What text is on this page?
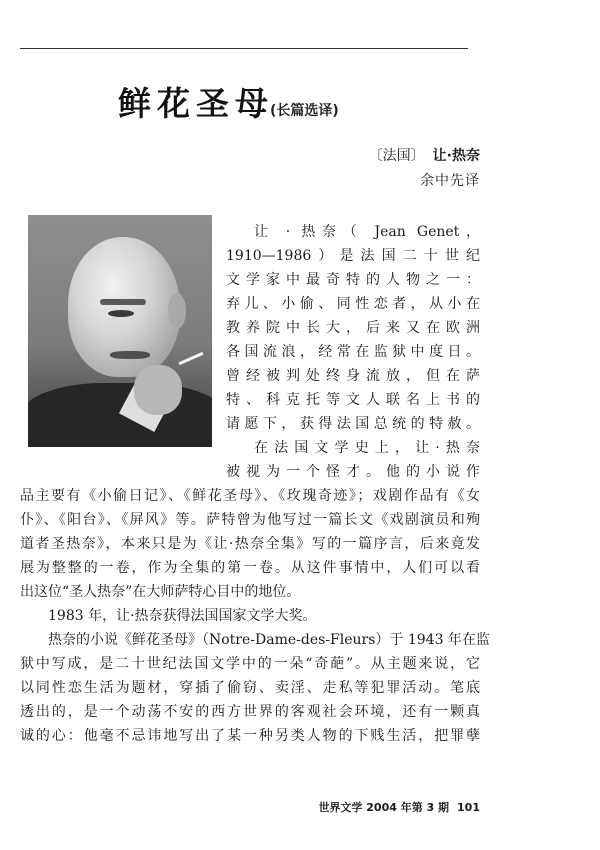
鲜花圣母(长篇选译)
〔法国〕 让·热奈
余中先译
让 · 热奈（ Jean Genet，
1910—1986）是法国二十世纪
文学家中最奇特的人物之一：
弃儿、小偷、同性恋者，从小在
教养院中长大，后来又在欧洲
各国流浪，经常在监狱中度日。
曾经被判处终身流放，但在萨
特、科克托等文人联名上书的
请愿下，获得法国总统的特赦。
在法国文学史上，让·热奈
被视为一个怪才。他的小说作
品主要有《小偷日记》、《鲜花圣母》、《玫瑰奇迹》；戏剧作品有《女
仆》、《阳台》、《屏风》等。萨特曾为他写过一篇长文《戏剧演员和殉
道者圣热奈》，本来只是为《让·热奈全集》写的一篇序言，后来竟发
展为整整的一卷，作为全集的第一卷。从这件事情中，人们可以看
出这位“圣人热奈”在大师萨特心目中的地位。
1983 年，让·热奈获得法国国家文学大奖。
热奈的小说《鲜花圣母》（Notre-Dame-des-Fleurs）于 1943 年在监
狱中写成，是二十世纪法国文学中的一朵“奇葩”。从主题来说，它
以同性恋生活为题材，穿插了偷窃、卖淫、走私等犯罪活动。笔底
透出的，是一个动荡不安的西方世界的客观社会环境，还有一颗真
诚的心：他毫不忌讳地写出了某一种另类人物的下贱生活，把罪孽
世界文学 2004 年第 3 期 101
